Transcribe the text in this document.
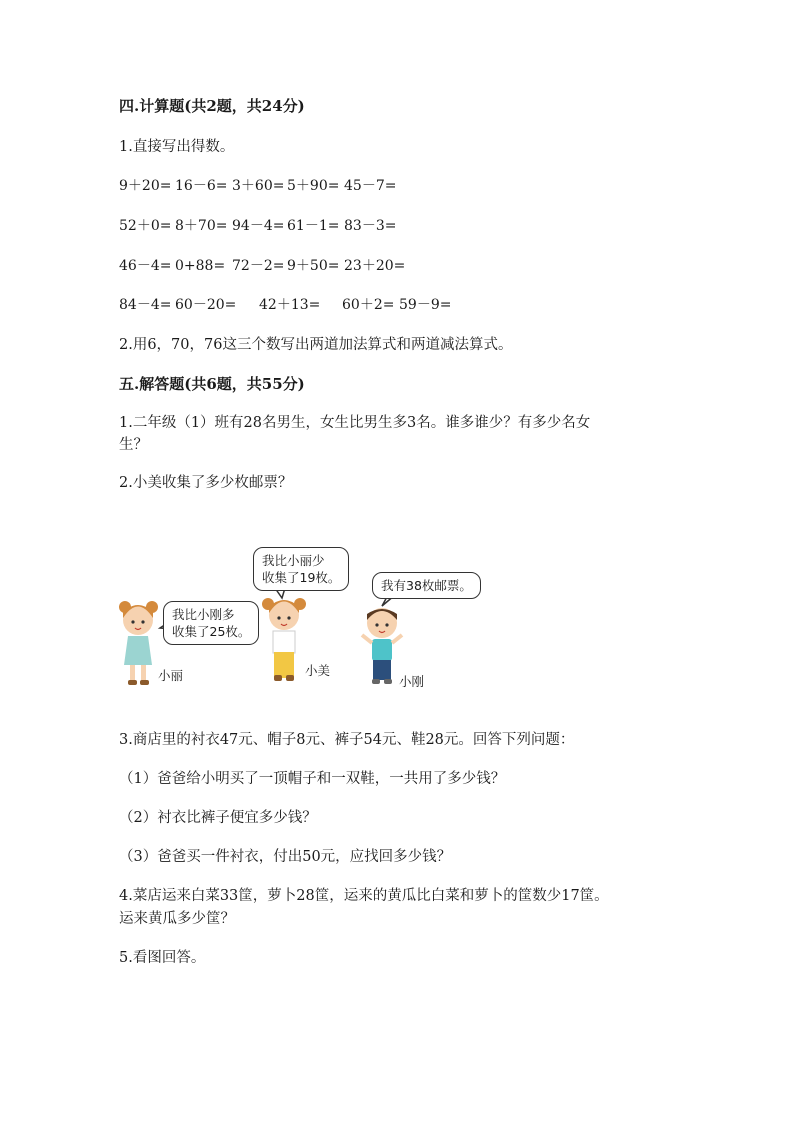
四.计算题(共2题，共24分)
1.直接写出得数。
9＋20= 16－6= 3＋60= 5＋90= 45－7=
52＋0= 8＋70= 94－4= 61－1= 83－3=
46－4= 0+88= 72－2= 9＋50= 23＋20=
84－4= 60－20= 42＋13= 60＋2= 59－9=
2.用6，70，76这三个数写出两道加法算式和两道减法算式。
五.解答题(共6题，共55分)
1.二年级（1）班有28名男生，女生比男生多3名。谁多谁少？有多少名女
生？
2.小美收集了多少枚邮票？
我比小刚多
收集了25枚。
我比小丽少
收集了19枚。
我有38枚邮票。
小丽	小美
小刚
3.商店里的衬衣47元、帽子8元、裤子54元、鞋28元。回答下列问题：
（1）爸爸给小明买了一顶帽子和一双鞋，一共用了多少钱？
（2）衬衣比裤子便宜多少钱？
（3）爸爸买一件衬衣，付出50元，应找回多少钱？
4.菜店运来白菜33筐，萝卜28筐，运来的黄瓜比白菜和萝卜的筐数少17筐。
运来黄瓜多少筐？
5.看图回答。
